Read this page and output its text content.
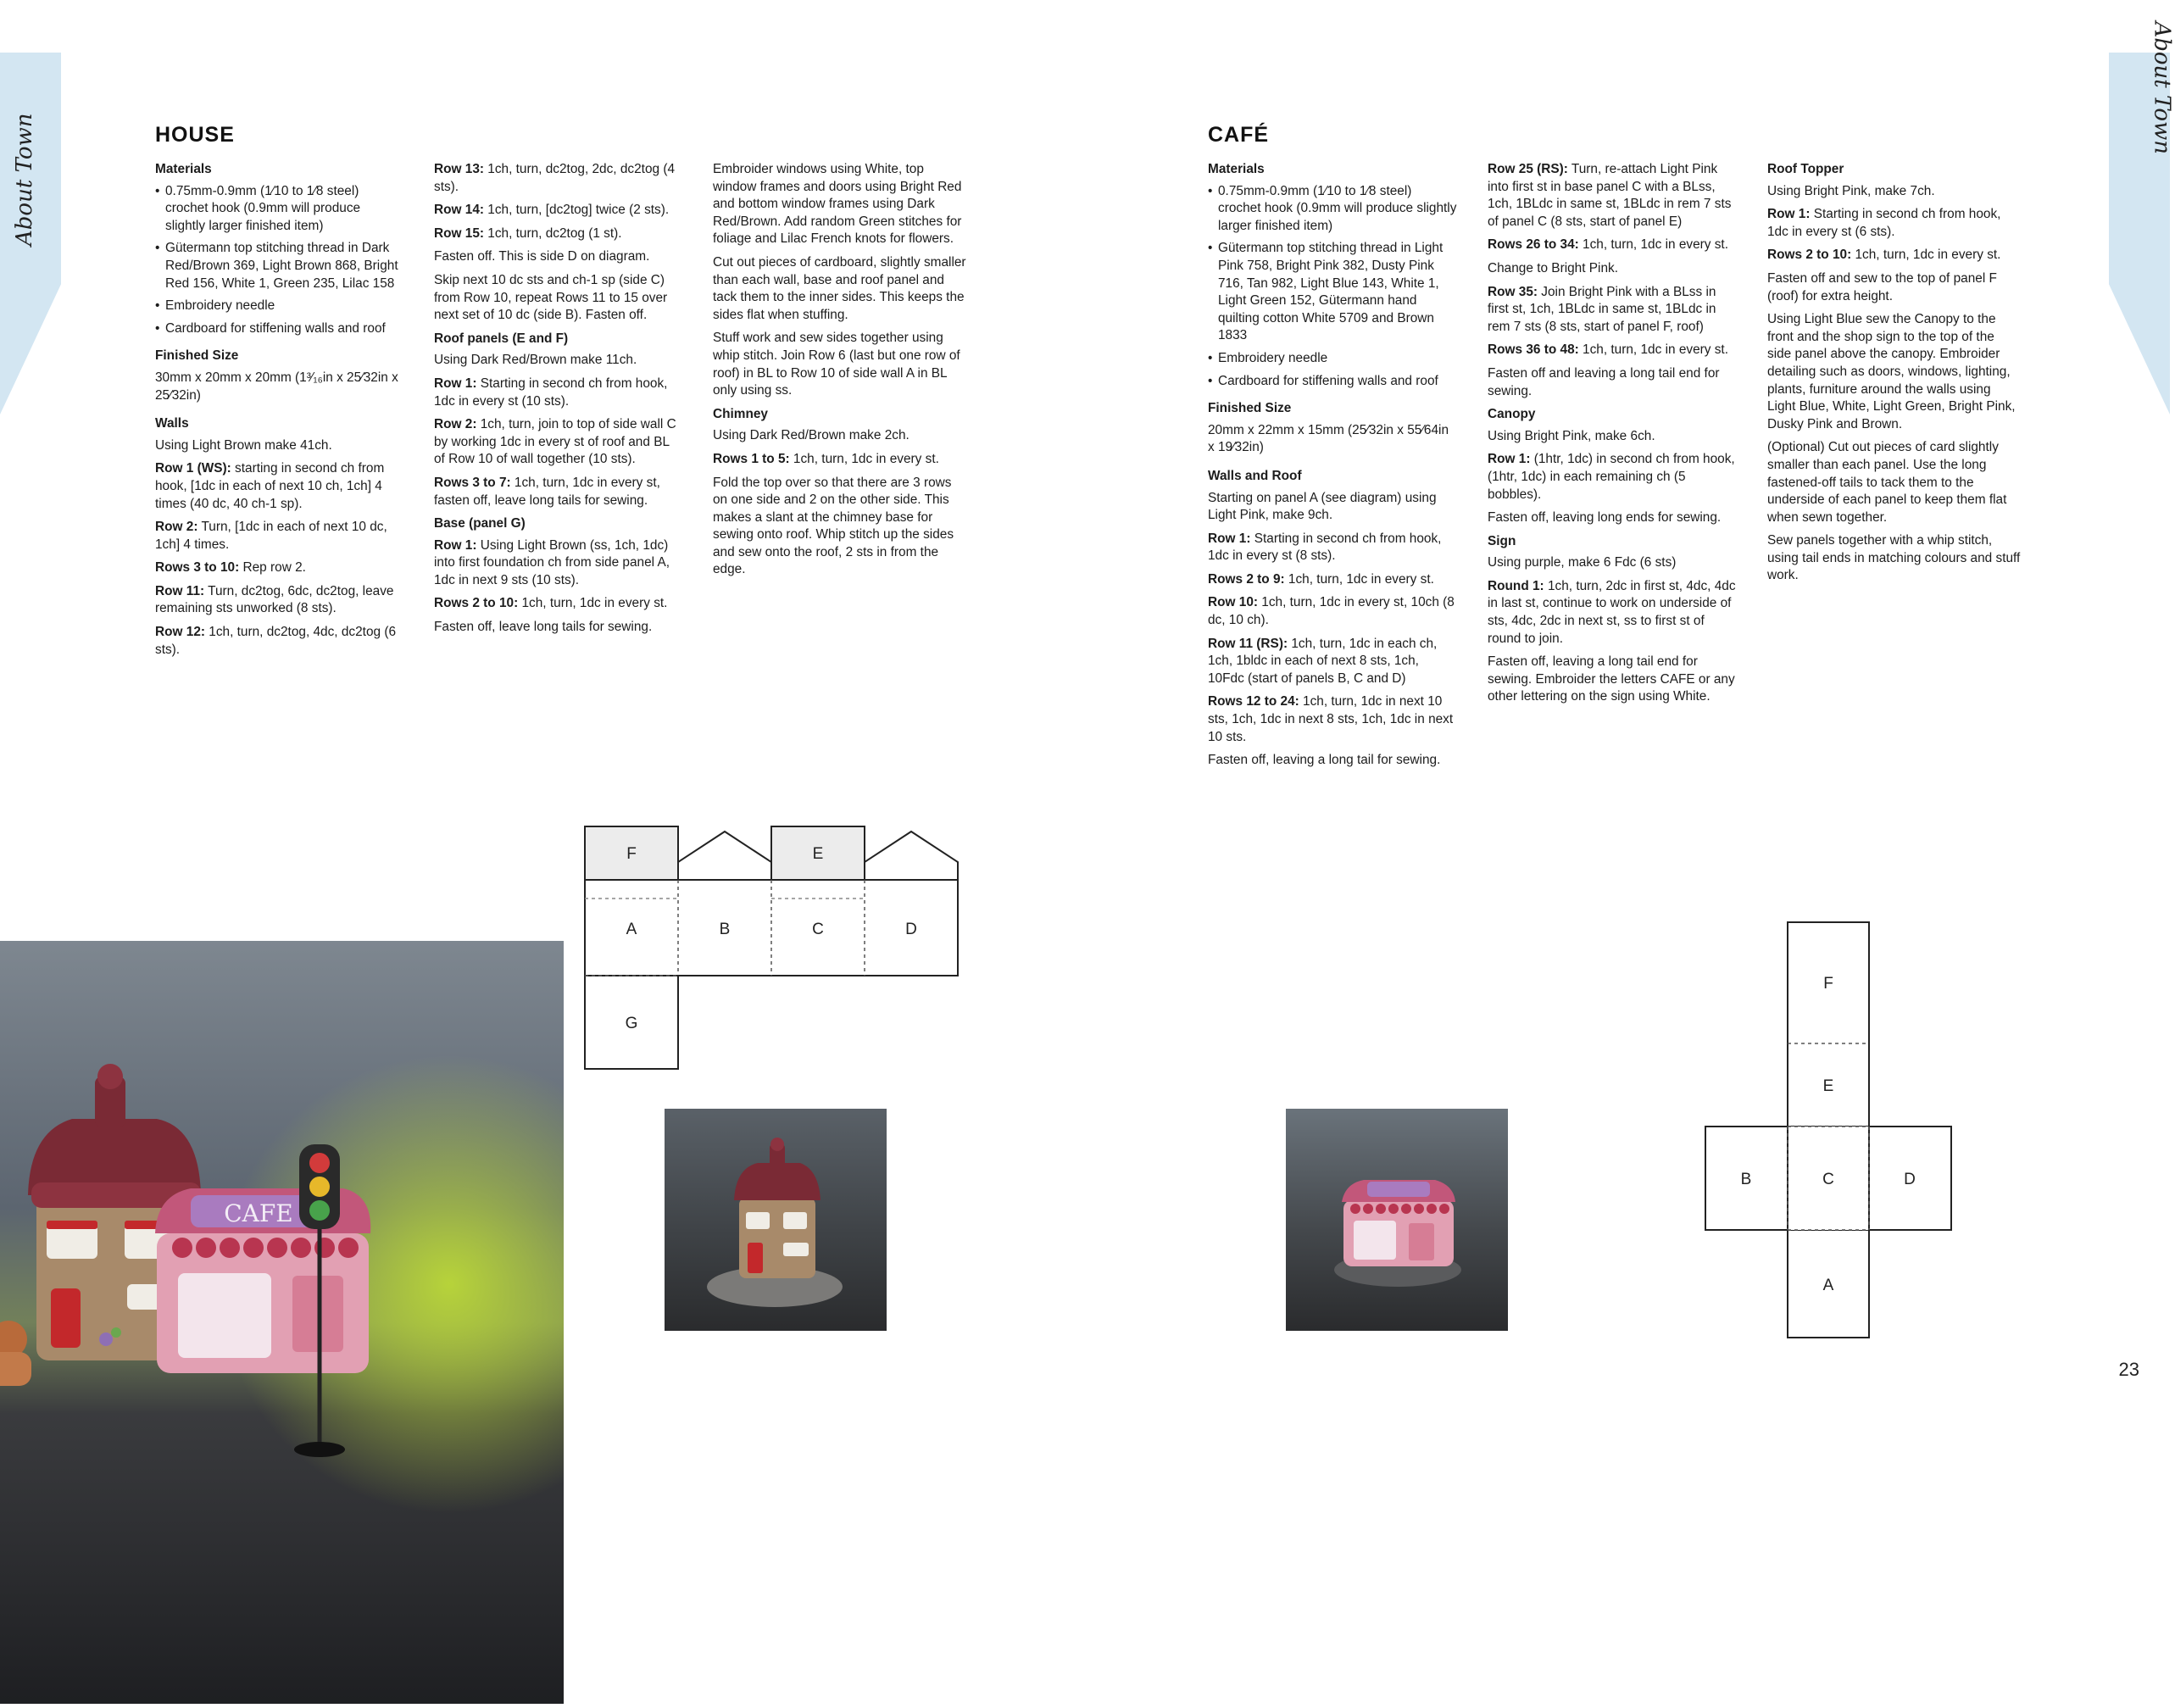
About Town
About Town
HOUSE
Materials
• 0.75mm-0.9mm (1⁄10 to 1⁄8 steel) crochet hook (0.9mm will produce slightly larger finished item)
• Gütermann top stitching thread in Dark Red/Brown 369, Light Brown 868, Bright Red 156, White 1, Green 235, Lilac 158
• Embroidery needle
• Cardboard for stiffening walls and roof
Finished Size

30mm x 20mm x 20mm (1³⁄₁₆in x 25⁄32in x 25⁄32in)

Walls

Using Light Brown make 41ch.

Row 1 (WS): starting in second ch from hook, [1dc in each of next 10 ch, 1ch] 4 times (40 dc, 40 ch-1 sp).

Row 2: Turn, [1dc in each of next 10 dc, 1ch] 4 times.

Rows 3 to 10: Rep row 2.

Row 11: Turn, dc2tog, 6dc, dc2tog, leave remaining sts unworked (8 sts).

Row 12: 1ch, turn, dc2tog, 4dc, dc2tog (6 sts).

Row 13: 1ch, turn, dc2tog, 2dc, dc2tog (4 sts).

Row 14: 1ch, turn, [dc2tog] twice (2 sts).

Row 15: 1ch, turn, dc2tog (1 st).

Fasten off. This is side D on diagram.

Skip next 10 dc sts and ch-1 sp (side C) from Row 10, repeat Rows 11 to 15 over next set of 10 dc (side B). Fasten off.

Roof panels (E and F)

Using Dark Red/Brown make 11ch.

Row 1: Starting in second ch from hook, 1dc in every st (10 sts).

Row 2: 1ch, turn, join to top of side wall C by working 1dc in every st of roof and BL of Row 10 of wall together (10 sts).

Rows 3 to 7: 1ch, turn, 1dc in every st, fasten off, leave long tails for sewing.

Base (panel G)

Row 1: Using Light Brown (ss, 1ch, 1dc) into first foundation ch from side panel A, 1dc in next 9 sts (10 sts).

Rows 2 to 10: 1ch, turn, 1dc in every st.

Fasten off, leave long tails for sewing.

Embroider windows using White, top window frames and doors using Bright Red and bottom window frames using Dark Red/Brown. Add random Green stitches for foliage and Lilac French knots for flowers.

Cut out pieces of cardboard, slightly smaller than each wall, base and roof panel and tack them to the inner sides. This keeps the sides flat when stuffing.

Stuff work and sew sides together using whip stitch. Join Row 6 (last but one row of roof) in BL to Row 10 of side wall A in BL only using ss.

Chimney

Using Dark Red/Brown make 2ch.

Rows 1 to 5: 1ch, turn, 1dc in every st.

Fold the top over so that there are 3 rows on one side and 2 on the other side. This makes a slant at the chimney base for sewing onto roof. Whip stitch up the sides and sew onto the roof, 2 sts in from the edge.

F	E
A	B	C	D
G
CAFE
CAFÉ
Materials
• 0.75mm-0.9mm (1⁄10 to 1⁄8 steel) crochet hook (0.9mm will produce slightly larger finished item)
• Gütermann top stitching thread in Light Pink 758, Bright Pink 382, Dusty Pink 716, Tan 982, Light Blue 143, White 1, Light Green 152, Gütermann hand quilting cotton White 5709 and Brown 1833
• Embroidery needle
• Cardboard for stiffening walls and roof
Finished Size

20mm x 22mm x 15mm (25⁄32in x 55⁄64in x 19⁄32in)

Walls and Roof

Starting on panel A (see diagram) using Light Pink, make 9ch.

Row 1: Starting in second ch from hook, 1dc in every st (8 sts).

Rows 2 to 9: 1ch, turn, 1dc in every st.

Row 10: 1ch, turn, 1dc in every st, 10ch (8 dc, 10 ch).

Row 11 (RS): 1ch, turn, 1dc in each ch, 1ch, 1bldc in each of next 8 sts, 1ch, 10Fdc (start of panels B, C and D)

Rows 12 to 24: 1ch, turn, 1dc in next 10 sts, 1ch, 1dc in next 8 sts, 1ch, 1dc in next 10 sts.

Fasten off, leaving a long tail for sewing.

Row 25 (RS): Turn, re-attach Light Pink into first st in base panel C with a BLss, 1ch, 1BLdc in same st, 1BLdc in rem 7 sts of panel C (8 sts, start of panel E)

Rows 26 to 34: 1ch, turn, 1dc in every st.

Change to Bright Pink.

Row 35: Join Bright Pink with a BLss in first st, 1ch, 1BLdc in same st, 1BLdc in rem 7 sts (8 sts, start of panel F, roof)

Rows 36 to 48: 1ch, turn, 1dc in every st.

Fasten off and leaving a long tail end for sewing.

Canopy

Using Bright Pink, make 6ch.

Row 1: (1htr, 1dc) in second ch from hook, (1htr, 1dc) in each remaining ch (5 bobbles).

Fasten off, leaving long ends for sewing.

Sign

Using purple, make 6 Fdc (6 sts)

Round 1: 1ch, turn, 2dc in first st, 4dc, 4dc in last st, continue to work on underside of sts, 4dc, 2dc in next st, ss to first st of round to join.

Fasten off, leaving a long tail end for sewing. Embroider the letters CAFE or any other lettering on the sign using White.

Roof Topper

Using Bright Pink, make 7ch.

Row 1: Starting in second ch from hook, 1dc in every st (6 sts).

Rows 2 to 10: 1ch, turn, 1dc in every st.

Fasten off and sew to the top of panel F (roof) for extra height.

Using Light Blue sew the Canopy to the front and the shop sign to the top of the side panel above the canopy. Embroider detailing such as doors, windows, lighting, plants, furniture around the walls using Light Blue, White, Light Green, Bright Pink, Dusky Pink and Brown.

(Optional) Cut out pieces of card slightly smaller than each panel. Use the long fastened-off tails to tack them to the underside of each panel to keep them flat when sewn together.

Sew panels together with a whip stitch, using tail ends in matching colours and stuff work.

F
E
B	C	D
A
23
